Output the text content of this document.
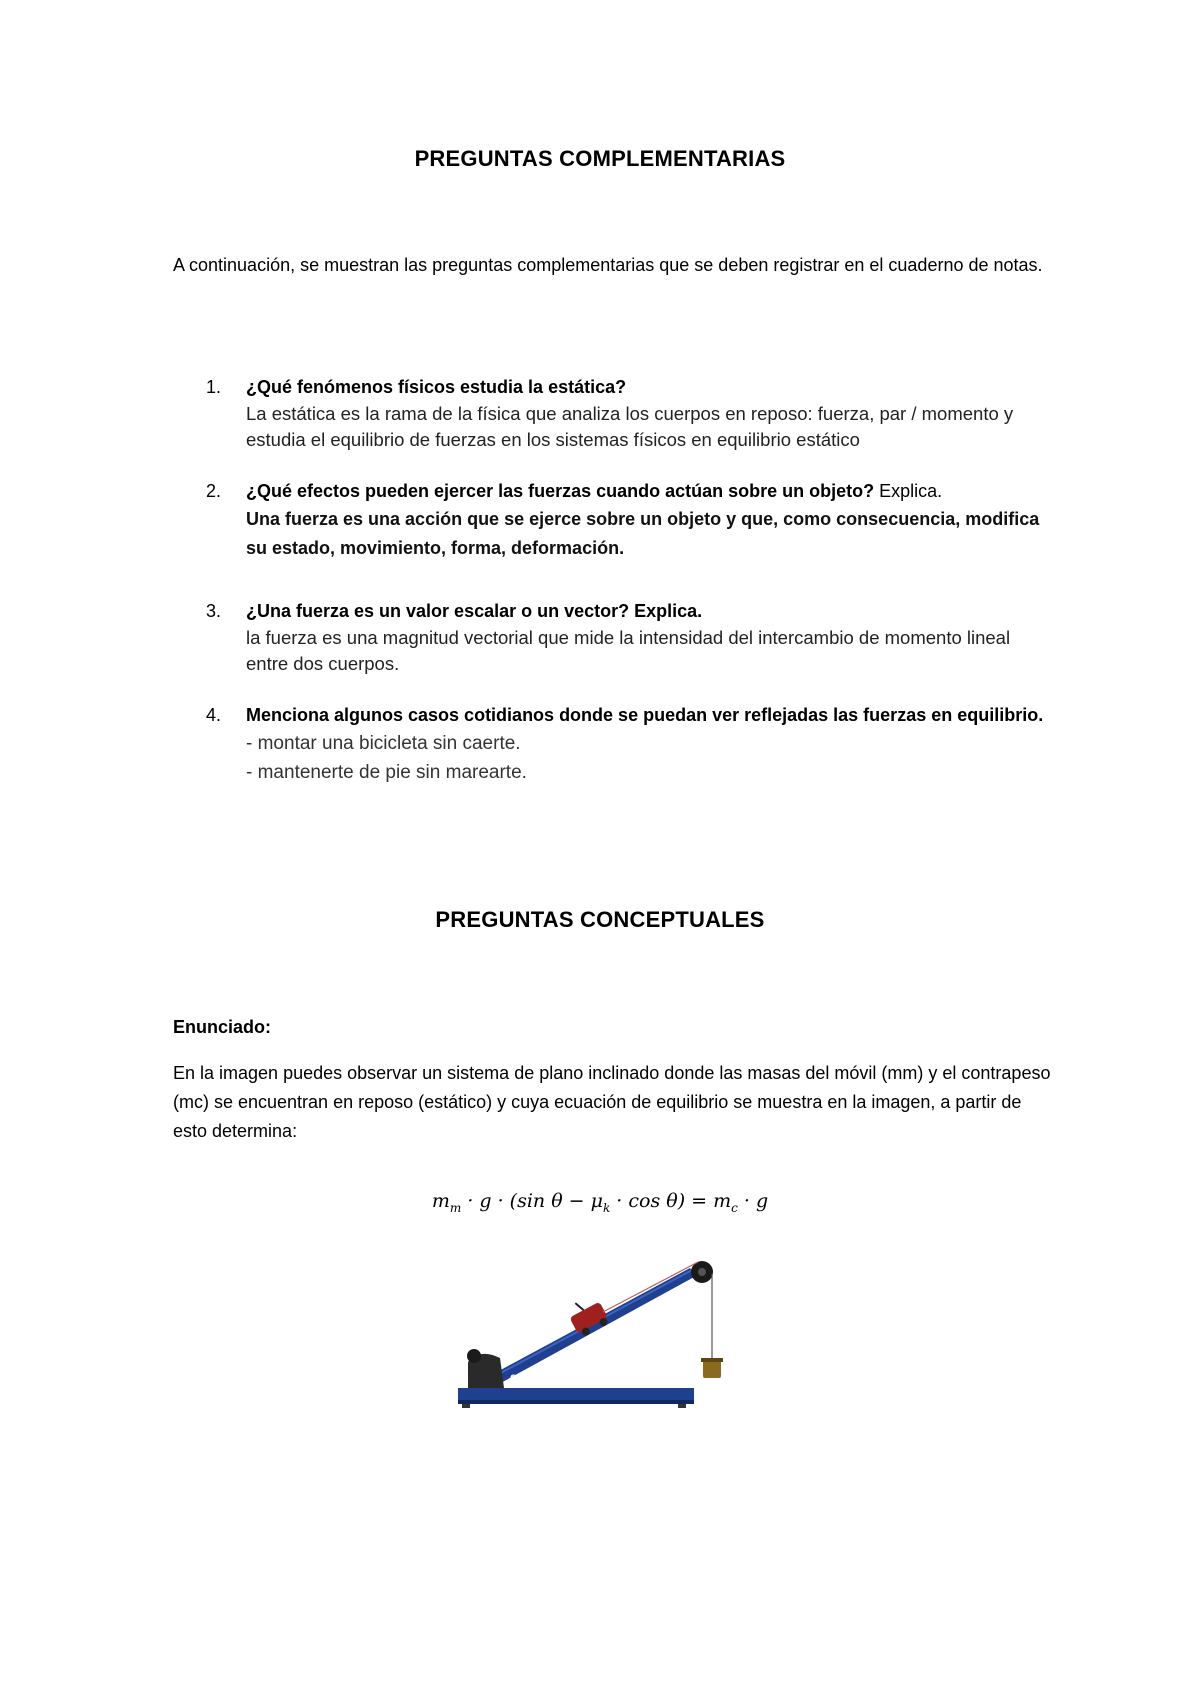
PREGUNTAS COMPLEMENTARIAS
A continuación, se muestran las preguntas complementarias que se deben registrar en el cuaderno de notas.
1. ¿Qué fenómenos físicos estudia la estática?
La estática es la rama de la física que analiza los cuerpos en reposo: fuerza, par / momento y estudia el equilibrio de fuerzas en los sistemas físicos en equilibrio estático
2. ¿Qué efectos pueden ejercer las fuerzas cuando actúan sobre un objeto? Explica.
Una fuerza es una acción que se ejerce sobre un objeto y que, como consecuencia, modifica su estado, movimiento, forma, deformación.
3. ¿Una fuerza es un valor escalar o un vector? Explica.
la fuerza es una magnitud vectorial que mide la intensidad del intercambio de momento lineal entre dos cuerpos.
4. Menciona algunos casos cotidianos donde se puedan ver reflejadas las fuerzas en equilibrio.
- montar una bicicleta sin caerte.
- mantenerte de pie sin marearte.
PREGUNTAS CONCEPTUALES
Enunciado:
En la imagen puedes observar un sistema de plano inclinado donde las masas del móvil (mm) y el contrapeso (mc) se encuentran en reposo (estático) y cuya ecuación de equilibrio se muestra en la imagen, a partir de esto determina:
$m_m \cdot g \cdot (\sin$ $\theta - \mu_k \cdot \cos \theta) = m_c \cdot g$
θ
